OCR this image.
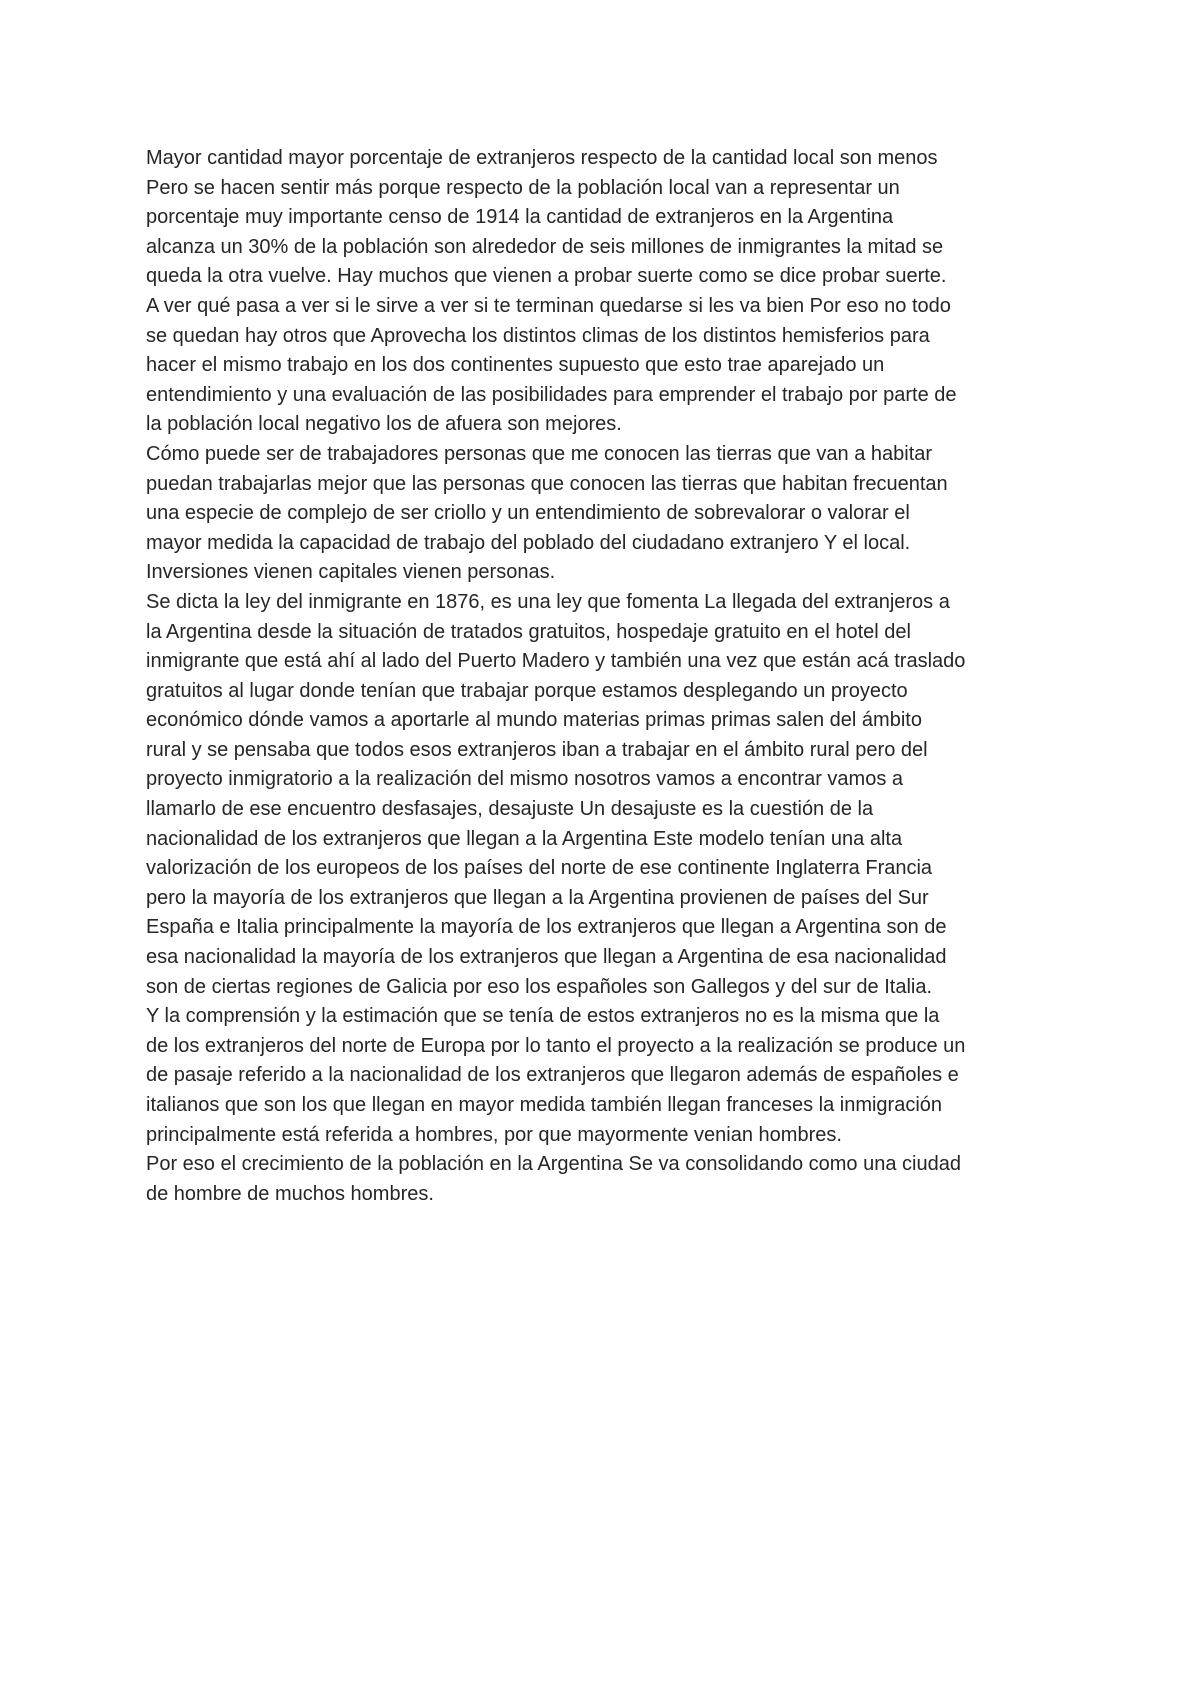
Mayor cantidad mayor porcentaje de extranjeros respecto de la cantidad local son menos
Pero se hacen sentir más porque respecto de la población local van a representar un
porcentaje muy importante censo de 1914 la cantidad de extranjeros en la Argentina
alcanza un 30% de la población son alrededor de seis millones de inmigrantes la mitad se
queda la otra vuelve. Hay muchos que vienen a probar suerte como se dice probar suerte.
A ver qué pasa a ver si le sirve a ver si te terminan quedarse si les va bien Por eso no todo
se quedan hay otros que Aprovecha los distintos climas de los distintos hemisferios para
hacer el mismo trabajo en los dos continentes supuesto que esto trae aparejado un
entendimiento y una evaluación de las posibilidades para emprender el trabajo por parte de
la población local negativo los de afuera son mejores.
Cómo puede ser de trabajadores personas que me conocen las tierras que van a habitar
puedan trabajarlas mejor que las personas que conocen las tierras que habitan frecuentan
una especie de complejo de ser criollo y un entendimiento de sobrevalorar o valorar el
mayor medida la capacidad de trabajo del poblado del ciudadano extranjero Y el local.
Inversiones vienen capitales vienen personas.
Se dicta la ley del inmigrante en 1876, es una ley que fomenta La llegada del extranjeros a
la Argentina desde la situación de tratados gratuitos, hospedaje gratuito en el hotel del
inmigrante que está ahí al lado del Puerto Madero y también una vez que están acá traslado
gratuitos al lugar donde tenían que trabajar porque estamos desplegando un proyecto
económico dónde vamos a aportarle al mundo materias primas primas salen del ámbito
rural y se pensaba que todos esos extranjeros iban a trabajar en el ámbito rural pero del
proyecto inmigratorio a la realización del mismo nosotros vamos a encontrar vamos a
llamarlo de ese encuentro desfasajes, desajuste Un desajuste es la cuestión de la
nacionalidad de los extranjeros que llegan a la Argentina Este modelo tenían una alta
valorización de los europeos de los países del norte de ese continente Inglaterra Francia
pero la mayoría de los extranjeros que llegan a la Argentina provienen de países del Sur
España e Italia principalmente la mayoría de los extranjeros que llegan a Argentina son de
esa nacionalidad la mayoría de los extranjeros que llegan a Argentina de esa nacionalidad
son de ciertas regiones de Galicia por eso los españoles son Gallegos y del sur de Italia.
Y la comprensión y la estimación que se tenía de estos extranjeros no es la misma que la
de los extranjeros del norte de Europa por lo tanto el proyecto a la realización se produce un
de pasaje referido a la nacionalidad de los extranjeros que llegaron además de españoles e
italianos que son los que llegan en mayor medida también llegan franceses la inmigración
principalmente está referida a hombres, por que mayormente venian hombres.
Por eso el crecimiento de la población en la Argentina Se va consolidando como una ciudad
de hombre de muchos hombres.
